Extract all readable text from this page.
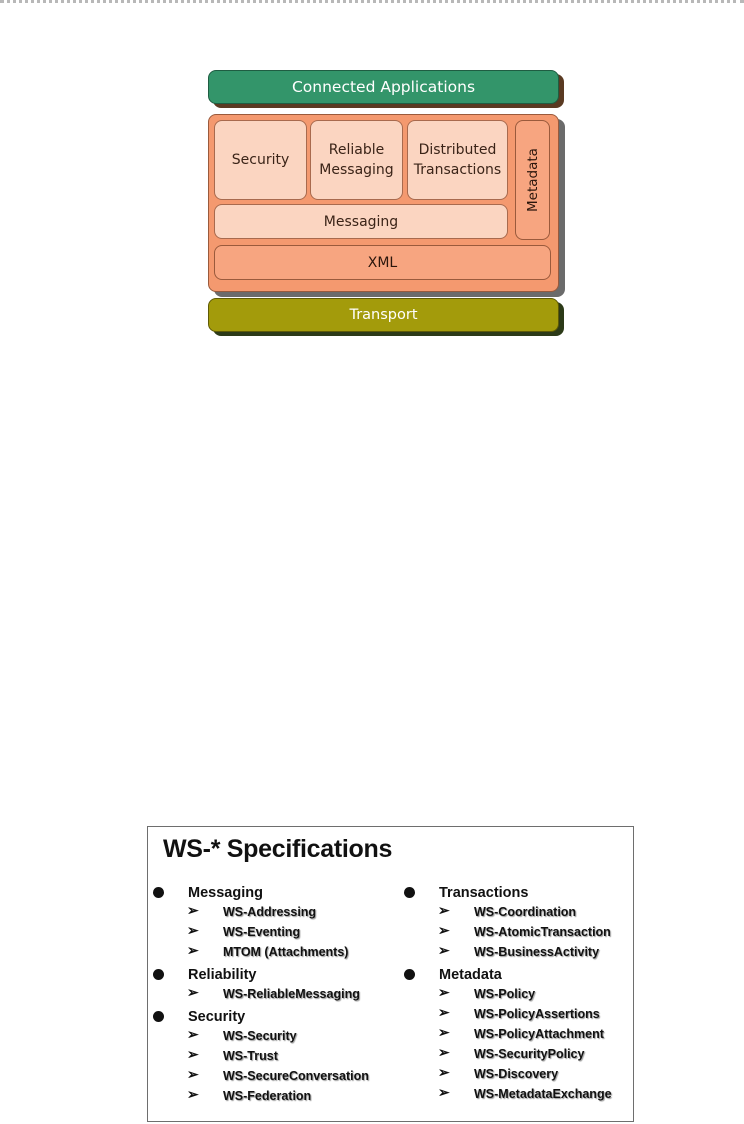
Connected Applications
Security
Reliable Messaging
Distributed Transactions
Messaging
Metadata
XML
Transport
WS-* Specifications
Messaging
➢ WS-Addressing
➢ WS-Eventing
➢ MTOM (Attachments)
Reliability
➢ WS-ReliableMessaging
Security
➢ WS-Security
➢ WS-Trust
➢ WS-SecureConversation
➢ WS-Federation
Transactions
➢ WS-Coordination
➢ WS-AtomicTransaction
➢ WS-BusinessActivity
Metadata
➢ WS-Policy
➢ WS-PolicyAssertions
➢ WS-PolicyAttachment
➢ WS-SecurityPolicy
➢ WS-Discovery
➢ WS-MetadataExchange
